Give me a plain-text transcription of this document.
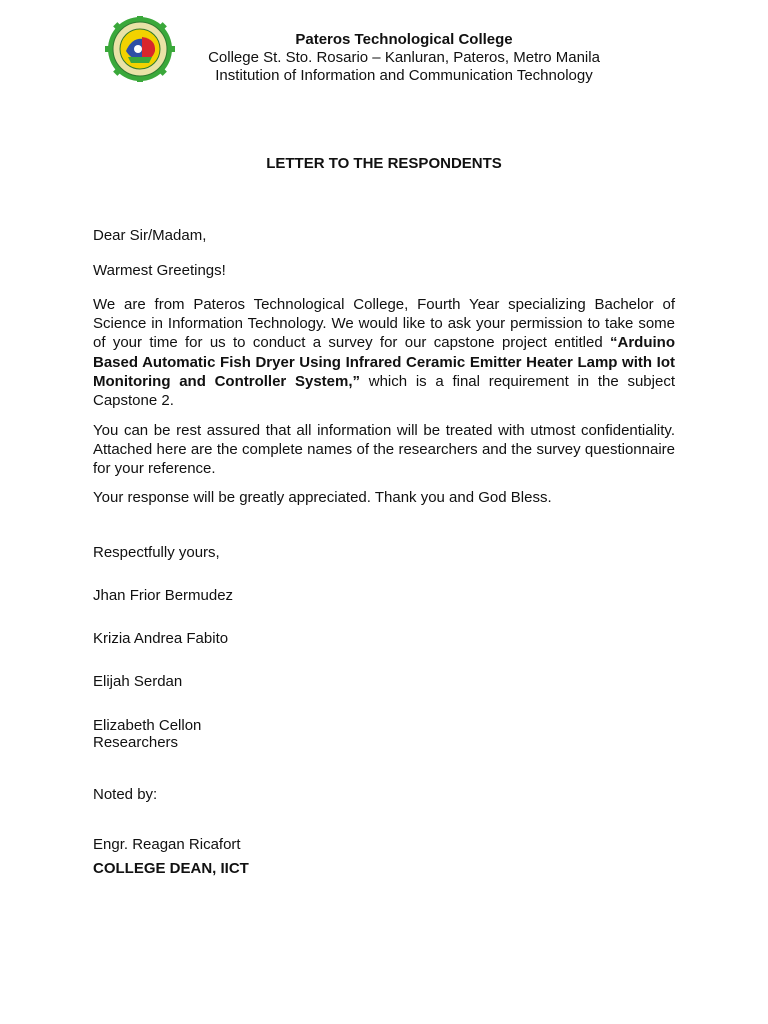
Pateros Technological College
College St. Sto. Rosario – Kanluran, Pateros, Metro Manila
Institution of Information and Communication Technology
LETTER TO THE RESPONDENTS

Dear Sir/Madam,

Warmest Greetings!

We are from Pateros Technological College, Fourth Year specializing Bachelor of Science in Information Technology. We would like to ask your permission to take some of your time for us to conduct a survey for our capstone project entitled “Arduino Based Automatic Fish Dryer Using Infrared Ceramic Emitter Heater Lamp with Iot Monitoring and Controller System,” which is a final requirement in the subject Capstone 2.

You can be rest assured that all information will be treated with utmost confidentiality. Attached here are the complete names of the researchers and the survey questionnaire for your reference.

Your response will be greatly appreciated. Thank you and God Bless.

Respectfully yours,

Jhan Frior Bermudez

Krizia Andrea Fabito

Elijah Serdan

Elizabeth Cellon

Researchers

Noted by:

Engr. Reagan Ricafort

COLLEGE DEAN, IICT
